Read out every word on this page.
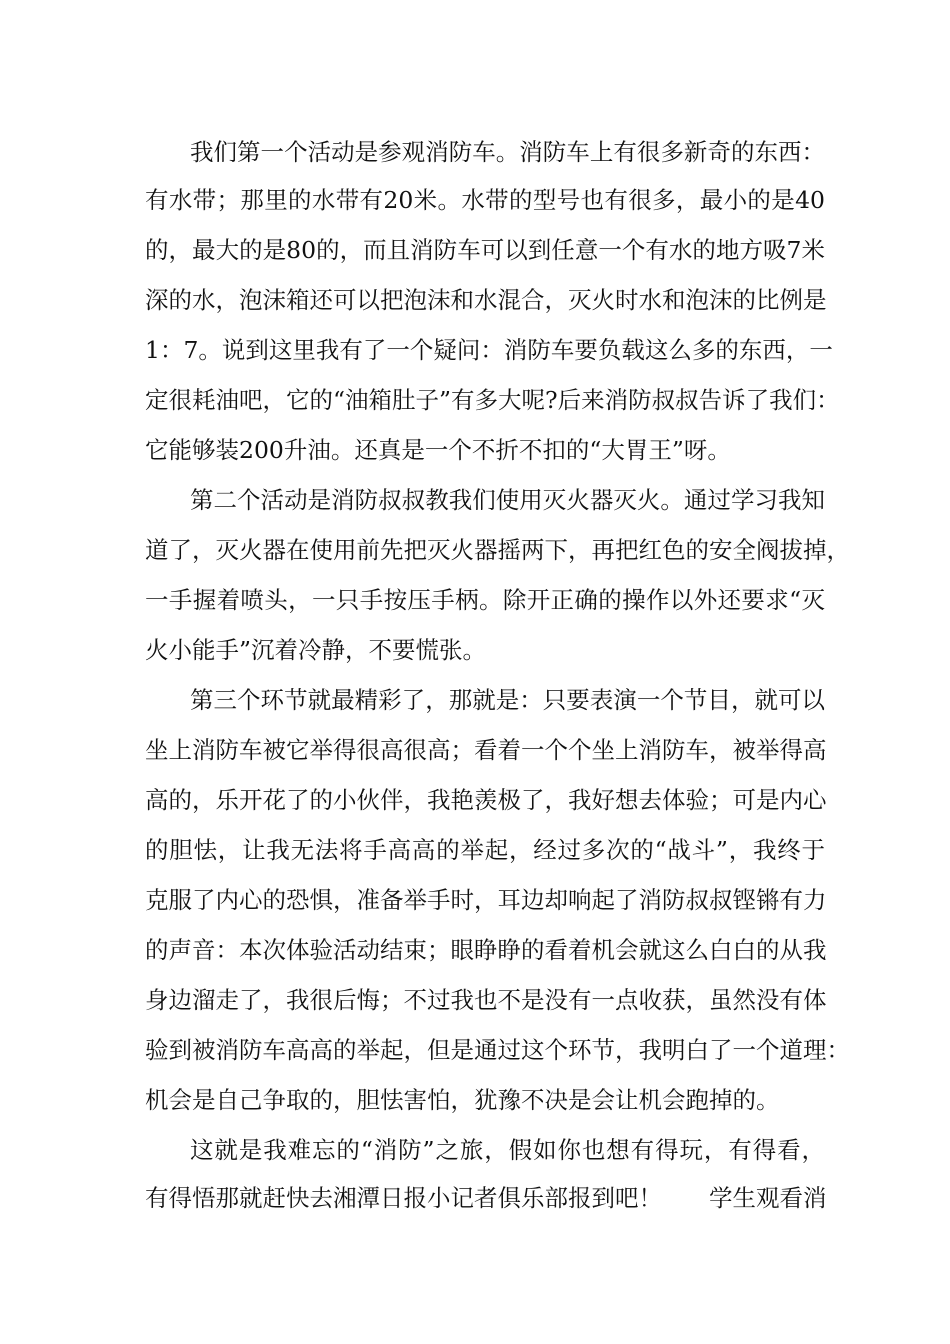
我们第一个活动是参观消防车。消防车上有很多新奇的东西：
有水带；那里的水带有20米。水带的型号也有很多，最小的是40
的，最大的是80的，而且消防车可以到任意一个有水的地方吸7米
深的水，泡沫箱还可以把泡沫和水混合，灭火时水和泡沫的比例是
1：7。说到这里我有了一个疑问：消防车要负载这么多的东西，一
定很耗油吧，它的“油箱肚子”有多大呢?后来消防叔叔告诉了我们：
它能够装200升油。还真是一个不折不扣的“大胃王”呀。
第二个活动是消防叔叔教我们使用灭火器灭火。通过学习我知
道了，灭火器在使用前先把灭火器摇两下，再把红色的安全阀拔掉，
一手握着喷头，一只手按压手柄。除开正确的操作以外还要求“灭
火小能手”沉着冷静，不要慌张。
第三个环节就最精彩了，那就是：只要表演一个节目，就可以
坐上消防车被它举得很高很高；看着一个个坐上消防车，被举得高
高的，乐开花了的小伙伴，我艳羡极了，我好想去体验；可是内心
的胆怯，让我无法将手高高的举起，经过多次的“战斗”，我终于
克服了内心的恐惧，准备举手时，耳边却响起了消防叔叔铿锵有力
的声音：本次体验活动结束；眼睁睁的看着机会就这么白白的从我
身边溜走了，我很后悔；不过我也不是没有一点收获，虽然没有体
验到被消防车高高的举起，但是通过这个环节，我明白了一个道理：
机会是自己争取的，胆怯害怕，犹豫不决是会让机会跑掉的。
这就是我难忘的“消防”之旅，假如你也想有得玩，有得看，
有得悟那就赶快去湘潭日报小记者俱乐部报到吧！　　学生观看消
